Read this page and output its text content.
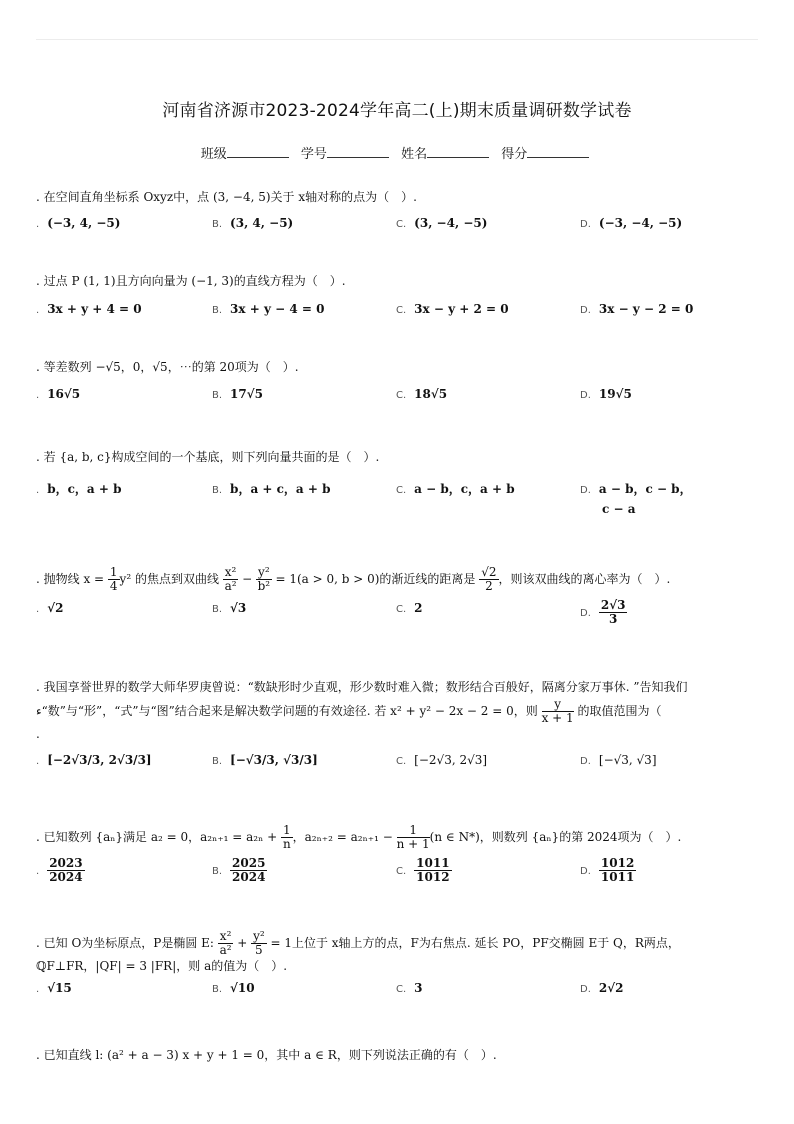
河南省济源市2023-2024学年高二(上)期末质量调研数学试卷
班级	学号	姓名	得分
. 在空间直角坐标系 Oxyz中，点 (3, −4, 5)关于 x轴对称的点为（　）.
. (−3, 4, −5)	B. (3, 4, −5)	C. (3, −4, −5)	D. (−3, −4, −5)
. 过点 P (1, 1)且方向向量为 (−1, 3)的直线方程为（　）.
. 3x + y + 4 = 0	B. 3x + y − 4 = 0	C. 3x − y + 2 = 0	D. 3x − y − 2 = 0
. 等差数列 −√5，0，√5，⋯的第 20项为（　）.
. 16√5	B. 17√5	C. 18√5	D. 19√5
. 若 {a, b, c}构成空间的一个基底，则下列向量共面的是（　）.
. b，c，a + b	B. b，a + c，a + b	C. a − b，c，a + b	D. a − b，c − b，
c − a
. 抛物线 $x = \frac{1}{4} y^2$ 的焦点到双曲线 $\frac{\text{x²}}{\text{a²}} - \frac{\text{y²}}{\text{b²}} = 1(a > 0$, b > 0)的渐近线的距离是 $\frac{√2}{2}$ ，则该双曲线的离心率为（　）.
. √2	B. √3	C. 2	D. $\frac{2√3}{3}$
. 我国享誉世界的数学大师华罗庚曾说：“数缺形时少直观，形少数时难入微；数形结合百般好，隔离分家万事休. ”告知我们
ء“数”与“形”，“式”与“图”结合起来是解决数学问题的有效途径. 若 x² + y² − 2x − 2 = 0，则 $\frac{y}{x + 1}$ 的取值范围为（
.
. [−2√3/3, 2√3/3]	B. [−√3/3, √3/3]	C. [−2√3, 2√3]	D. [−√3, √3]
. 已知数列 {aₙ}满足 a₂ = 0，$a_{2n+1} = a_{2n} + \frac{1}{n}$ ，$a_{2n+2} = a_{2n+1} - \frac{1}{n + 1} (n$ ∈ N*)，则数列 {aₙ}的第 2024项为（　）.
. $\frac{2023}{2024}$	B. $\frac{2025}{2024}$	C. $\frac{1011}{1012}$	D. $\frac{1012}{1011}$
. 已知 O为坐标原点，P是椭圆 E: $\frac{\text{x²}}{\text{a²}} + \frac{\text{y²}}{5} = 1$上位于 x轴上方的点，F为右焦点. 延长 PO，PF交椭圆 E于 Q，R两点，
ℚF⊥FR，|QF| = 3 |FR|，则 a的值为（　）.
. √15	B. √10	C. 3	D. 2√2
. 已知直线 l: (a² + a − 3) x + y + 1 = 0，其中 a ∈ R，则下列说法正确的有（　）.
